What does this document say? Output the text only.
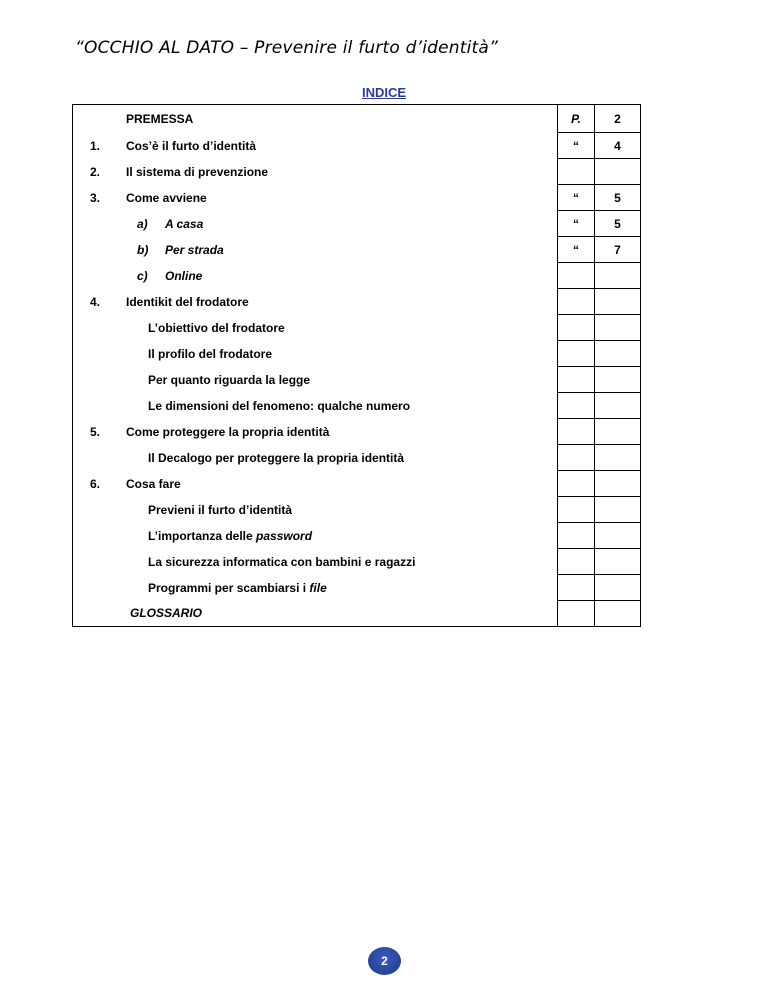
“OCCHIO AL DATO – Prevenire il furto d’identità”
INDICE
PREMESSA	P.	2

1. Cos’è il furto d’identità	“	4

2. Il sistema di prevenzione		

3. Come avviene	“	5

a) A casa	“	5

b) Per strada	“	7

c) Online		

4. Identikit del frodatore		

L’obiettivo del frodatore		

Il profilo del frodatore		

Per quanto riguarda la legge		

Le dimensioni del fenomeno: qualche numero		

5. Come proteggere la propria identità		

Il Decalogo per proteggere la propria identità		

6. Cosa fare		

Previeni il furto d’identità		

L’importanza delle password		

La sicurezza informatica con bambini e ragazzi		

Programmi per scambiarsi i file		

GLOSSARIO		

2
